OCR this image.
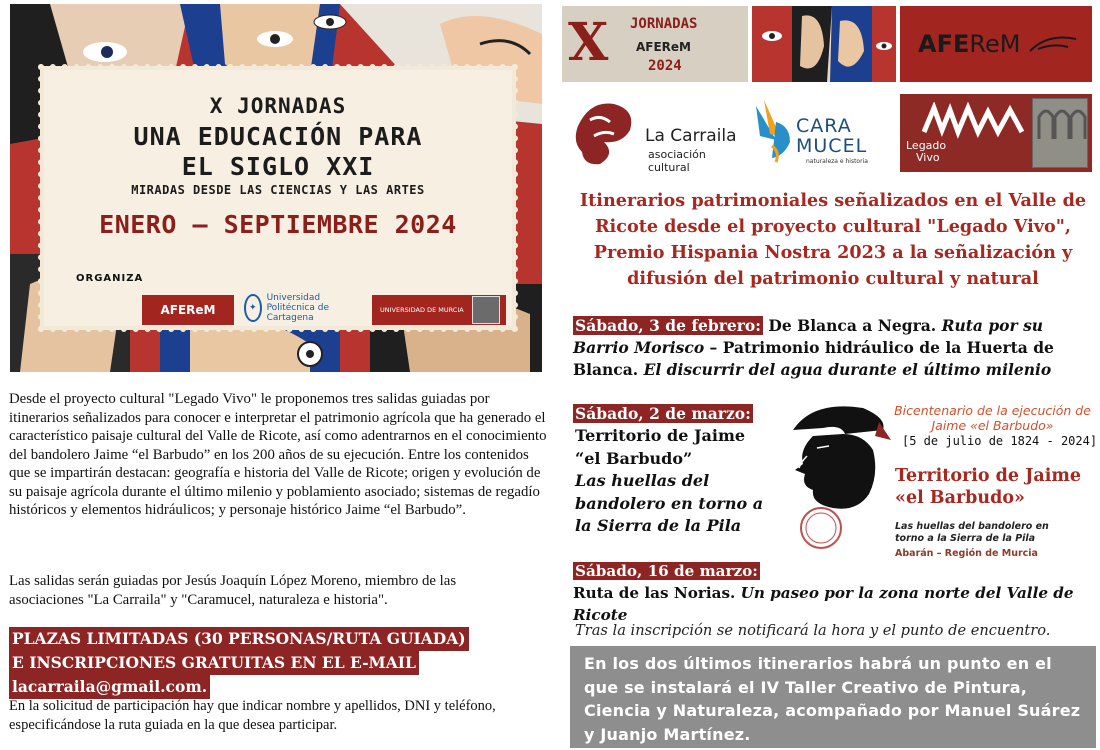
X JORNADAS
UNA EDUCACIÓN PARA
EL SIGLO XXI
MIRADAS DESDE LAS CIENCIAS Y LAS ARTES
ENERO – SEPTIEMBRE 2024
ORGANIZA
AFEReM	✦
Universidad Politécnica de Cartagena
UNIVERSIDAD DE MURCIA

Desde el proyecto cultural "Legado Vivo" le proponemos tres salidas guiadas por itinerarios señalizados para conocer e interpretar el patrimonio agrícola que ha generado el característico paisaje cultural del Valle de Ricote, así como adentrarnos en el conocimiento del bandolero Jaime “el Barbudo” en los 200 años de su ejecución. Entre los contenidos que se impartirán destacan: geografía e historia del Valle de Ricote; origen y evolución de su paisaje agrícola durante el último milenio y poblamiento asociado; sistemas de regadío históricos y elementos hidráulicos; y personaje histórico Jaime “el Barbudo”.

Las salidas serán guiadas por Jesús Joaquín López Moreno, miembro de las asociaciones "La Carraila" y "Caramucel, naturaleza e historia".

PLAZAS LIMITADAS (30 PERSONAS/RUTA GUIADA)
E INSCRIPCIONES GRATUITAS EN EL E-MAIL
lacarraila@gmail.com.

En la solicitud de participación hay que indicar nombre y apellidos, DNI y teléfono, especificándose la ruta guiada en la que desea participar.

X JORNADAS
AFEReM
2024
AFE ReM
La Carraila
asociación cultural
CARA
MUCEL
naturaleza e historia
Legado
Vivo
Itinerarios patrimoniales señalizados en el Valle de Ricote desde el proyecto cultural "Legado Vivo", Premio Hispania Nostra 2023 a la señalización y difusión del patrimonio cultural y natural
Sábado, 3 de febrero: De Blanca a Negra. Ruta por su Barrio Morisco – Patrimonio hidráulico de la Huerta de Blanca. El discurrir del agua durante el último milenio
Sábado, 2 de marzo:
Territorio de Jaime “el Barbudo”
Las huellas del bandolero en torno a la Sierra de la Pila
Bicentenario de la ejecución de Jaime «el Barbudo»
[5 de julio de 1824 - 2024]
Territorio de Jaime «el Barbudo»
Las huellas del bandolero en torno a la Sierra de la Pila
Abarán – Región de Murcia
Sábado, 16 de marzo:
Ruta de las Norias. Un paseo por la zona norte del Valle de Ricote
Tras la inscripción se notificará la hora y el punto de encuentro.
En los dos últimos itinerarios habrá un punto en el que se instalará el IV Taller Creativo de Pintura, Ciencia y Naturaleza, acompañado por Manuel Suárez y Juanjo Martínez.
